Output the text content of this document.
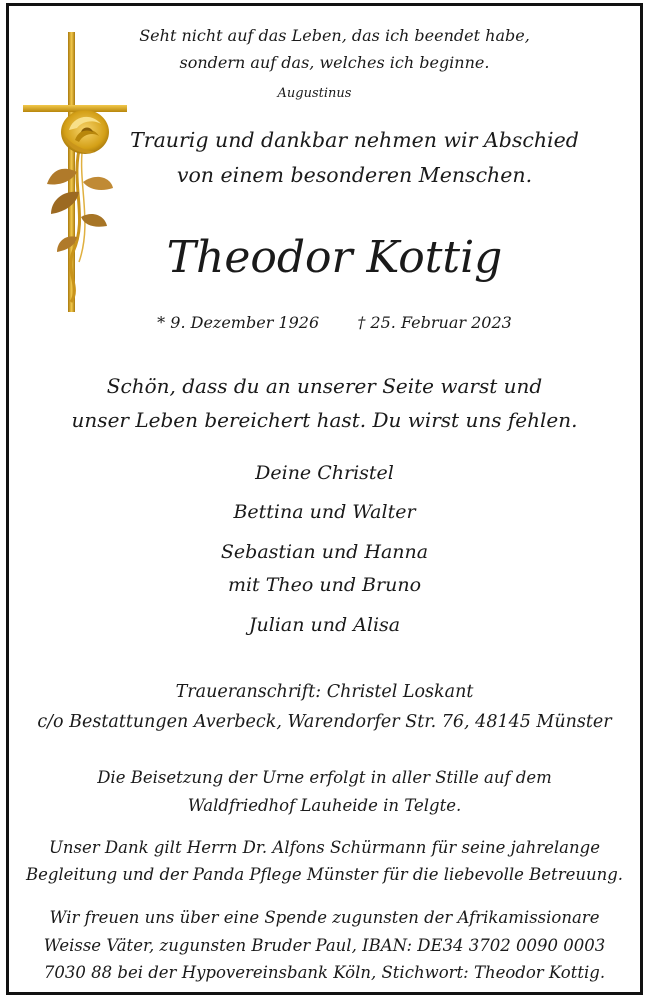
Seht nicht auf das Leben, das ich beendet habe,
sondern auf das, welches ich beginne.
Augustinus
Traurig und dankbar nehmen wir Abschied
von einem besonderen Menschen.
Theodor Kottig
* 9. Dezember 1926 † 25. Februar 2023
Schön, dass du an unserer Seite warst und
unser Leben bereichert hast. Du wirst uns fehlen.
Deine Christel
Bettina und Walter
Sebastian und Hanna
mit Theo und Bruno
Julian und Alisa
Traueranschrift: Christel Loskant
c/o Bestattungen Averbeck, Warendorfer Str. 76, 48145 Münster
Die Beisetzung der Urne erfolgt in aller Stille auf dem
Waldfriedhof Lauheide in Telgte.
Unser Dank gilt Herrn Dr. Alfons Schürmann für seine jahrelange
Begleitung und der Panda Pflege Münster für die liebevolle Betreuung.
Wir freuen uns über eine Spende zugunsten der Afrikamissionare
Weisse Väter, zugunsten Bruder Paul, IBAN: DE34 3702 0090 0003
7030 88 bei der Hypovereinsbank Köln, Stichwort: Theodor Kottig.
